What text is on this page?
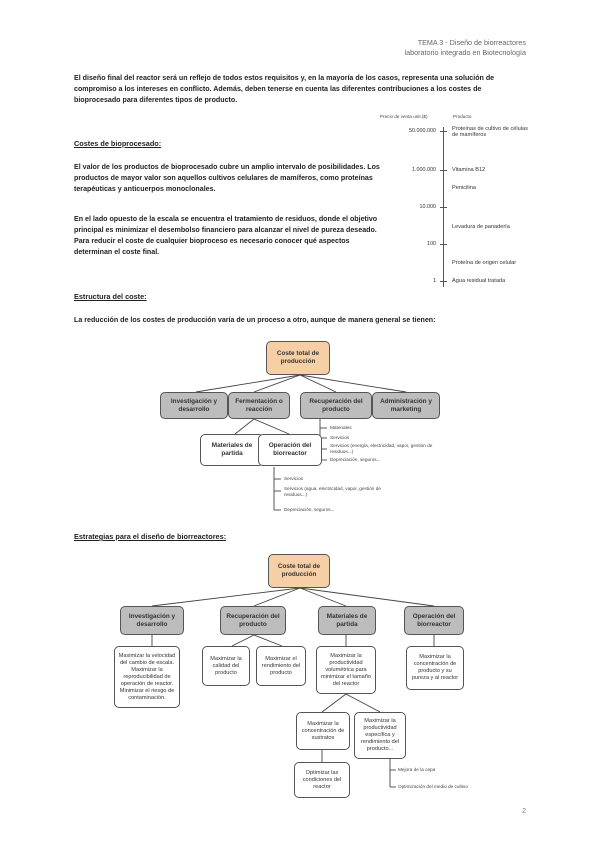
TEMA 3 - Diseño de biorreactores
laboratorio integrado en Biotecnología
El diseño final del reactor será un reflejo de todos estos requisitos y, en la mayoría de los casos, representa una solución de compromiso a los intereses en conflicto. Además, deben tenerse en cuenta las diferentes contribuciones a los costes de bioprocesado para diferentes tipos de producto.
Costes de bioprocesado:
El valor de los productos de bioprocesado cubre un amplio intervalo de posibilidades. Los productos de mayor valor son aquellos cultivos celulares de mamíferos, como proteínas terapéuticas y anticuerpos monoclonales.
En el lado opuesto de la escala se encuentra el tratamiento de residuos, donde el objetivo principal es minimizar el desembolso financiero para alcanzar el nivel de pureza deseado. Para reducir el coste de cualquier bioproceso es necesario conocer qué aspectos determinan el coste final.
Precio de venta unit.($)	Producto
50.000.000	Proteínas de cultivo de células de mamíferos
1.000.000	Vitamina B12
Penicilina
10.000
Levadura de panadería
100
Proteína de origen celular
1	Agua residual tratada
Estructura del coste:
La reducción de los costes de producción varía de un proceso a otro, aunque de manera general se tienen:
Coste total de producción
Investigación y desarrollo
Fermentación o reacción
Recuperación del producto
Administración y marketing
Materiales de partida
Operación del biorreactor
Materiales
Servicios
Servicios (energía, electricidad, vapor, gestión de residuos...)
Depreciación, seguros...
Servicios
Servicios (agua, electricidad, vapor, gestión de residuos...)
Depreciación, seguros...
Estrategias para el diseño de biorreactores:
Coste total de producción
Investigación y desarrollo
Recuperación del producto
Materiales de partida
Operación del biorreactor
Maximizar la velocidad del cambio de escala. Maximizar la reproducibilidad de operación de reactor. Minimizar el riesgo de contaminación.
Maximizar la calidad del producto
Maximizar el rendimiento del producto
Maximizar la productividad volumétrica para minimizar el tamaño del reactor
Maximizar la concentración de producto y su pureza y al reactor
Maximizar la concentración de sustratos
Maximizar la productividad específica y rendimiento del producto...
Optimizar las condiciones del reactor
Mejora de la cepa
Optimización del medio de cultivo
2
